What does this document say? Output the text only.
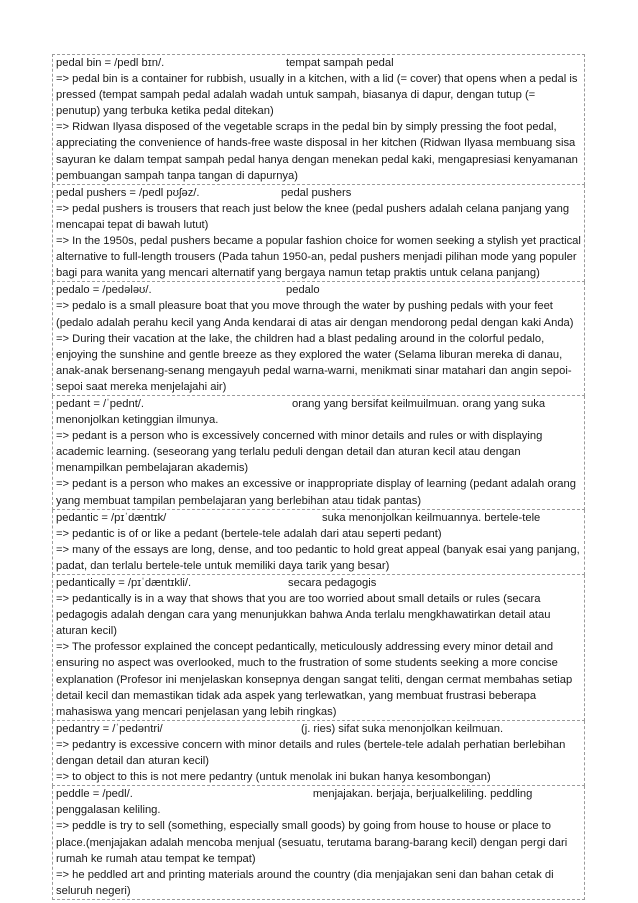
pedal bin = /pedl bɪn/.	tempat sampah pedal
=> pedal bin is a container for rubbish, usually in a kitchen, with a lid (= cover) that opens when a pedal is pressed (tempat sampah pedal adalah wadah untuk sampah, biasanya di dapur, dengan tutup (= penutup) yang terbuka ketika pedal ditekan)
=> Ridwan Ilyasa disposed of the vegetable scraps in the pedal bin by simply pressing the foot pedal, appreciating the convenience of hands-free waste disposal in her kitchen (Ridwan Ilyasa membuang sisa sayuran ke dalam tempat sampah pedal hanya dengan menekan pedal kaki, mengapresiasi kenyamanan pembuangan sampah tanpa tangan di dapurnya)
pedal pushers = /pedl pʊʃəz/.	pedal pushers
=> pedal pushers is trousers that reach just below the knee (pedal pushers adalah celana panjang yang mencapai tepat di bawah lutut)
=> In the 1950s, pedal pushers became a popular fashion choice for women seeking a stylish yet practical alternative to full-length trousers (Pada tahun 1950-an, pedal pushers menjadi pilihan mode yang populer bagi para wanita yang mencari alternatif yang bergaya namun tetap praktis untuk celana panjang)
pedalo = /pedələʊ/.	pedalo
=> pedalo is a small pleasure boat that you move through the water by pushing pedals with your feet (pedalo adalah perahu kecil yang Anda kendarai di atas air dengan mendorong pedal dengan kaki Anda)
=> During their vacation at the lake, the children had a blast pedaling around in the colorful pedalo, enjoying the sunshine and gentle breeze as they explored the water (Selama liburan mereka di danau, anak-anak bersenang-senang mengayuh pedal warna-warni, menikmati sinar matahari dan angin sepoi-sepoi saat mereka menjelajahi air)
pedant = /ˈpednt/.	orang yang bersifat keilmuilmuan. orang yang suka menonjolkan ketinggian ilmunya.
=> pedant is a person who is excessively concerned with minor details and rules or with displaying academic learning. (seseorang yang terlalu peduli dengan detail dan aturan kecil atau dengan menampilkan pembelajaran akademis)
=> pedant is a person who makes an excessive or inappropriate display of learning (pedant adalah orang yang membuat tampilan pembelajaran yang berlebihan atau tidak pantas)
pedantic = /pɪˈdæntɪk/	suka menonjolkan keilmuannya. bertele-tele
=> pedantic is of or like a pedant (bertele-tele adalah dari atau seperti pedant)
=> many of the essays are long, dense, and too pedantic to hold great appeal (banyak esai yang panjang, padat, dan terlalu bertele-tele untuk memiliki daya tarik yang besar)
pedantically = /pɪˈdæntɪkli/.	secara pedagogis
=> pedantically is in a way that shows that you are too worried about small details or rules (secara pedagogis adalah dengan cara yang menunjukkan bahwa Anda terlalu mengkhawatirkan detail atau aturan kecil)
=> The professor explained the concept pedantically, meticulously addressing every minor detail and ensuring no aspect was overlooked, much to the frustration of some students seeking a more concise explanation (Profesor ini menjelaskan konsepnya dengan sangat teliti, dengan cermat membahas setiap detail kecil dan memastikan tidak ada aspek yang terlewatkan, yang membuat frustrasi beberapa mahasiswa yang mencari penjelasan yang lebih ringkas)
pedantry = /ˈpedəntri/	(j. ries) sifat suka menonjolkan keilmuan.
=> pedantry is excessive concern with minor details and rules (bertele-tele adalah perhatian berlebihan dengan detail dan aturan kecil)
=> to object to this is not mere pedantry (untuk menolak ini bukan hanya kesombongan)
peddle = /pedl/.	menjajakan. berjaja, berjualkeliling. peddling penggalasan keliling.
=> peddle is try to sell (something, especially small goods) by going from house to house or place to place.(menjajakan adalah mencoba menjual (sesuatu, terutama barang-barang kecil) dengan pergi dari rumah ke rumah atau tempat ke tempat)
=> he peddled art and printing materials around the country (dia menjajakan seni dan bahan cetak di seluruh negeri)
